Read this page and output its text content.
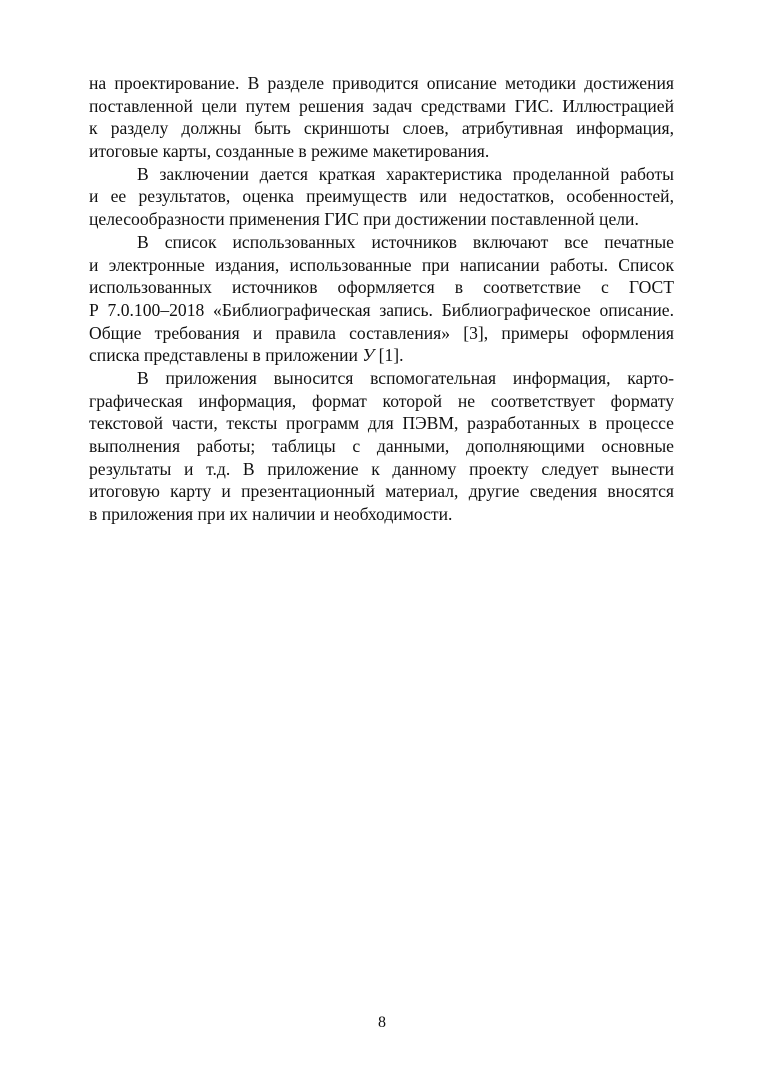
на проектирование. В разделе приводится описание методики достижения
поставленной цели путем решения задач средствами ГИС. Иллюстрацией
к разделу должны быть скриншоты слоев, атрибутивная информация,
итоговые карты, созданные в режиме макетирования.
В заключении дается краткая характеристика проделанной работы
и ее результатов, оценка преимуществ или недостатков, особенностей,
целесообразности применения ГИС при достижении поставленной цели.
В список использованных источников включают все печатные
и электронные издания, использованные при написании работы. Список
использованных источников оформляется в соответствие с ГОСТ
Р 7.0.100–2018 «Библиографическая запись. Библиографическое описание.
Общие требования и правила составления» [3], примеры оформления
списка представлены в приложении У [1].
В приложения выносится вспомогательная информация, карто-
графическая информация, формат которой не соответствует формату
текстовой части, тексты программ для ПЭВМ, разработанных в процессе
выполнения работы; таблицы с данными, дополняющими основные
результаты и т.д. В приложение к данному проекту следует вынести
итоговую карту и презентационный материал, другие сведения вносятся
в приложения при их наличии и необходимости.
8
